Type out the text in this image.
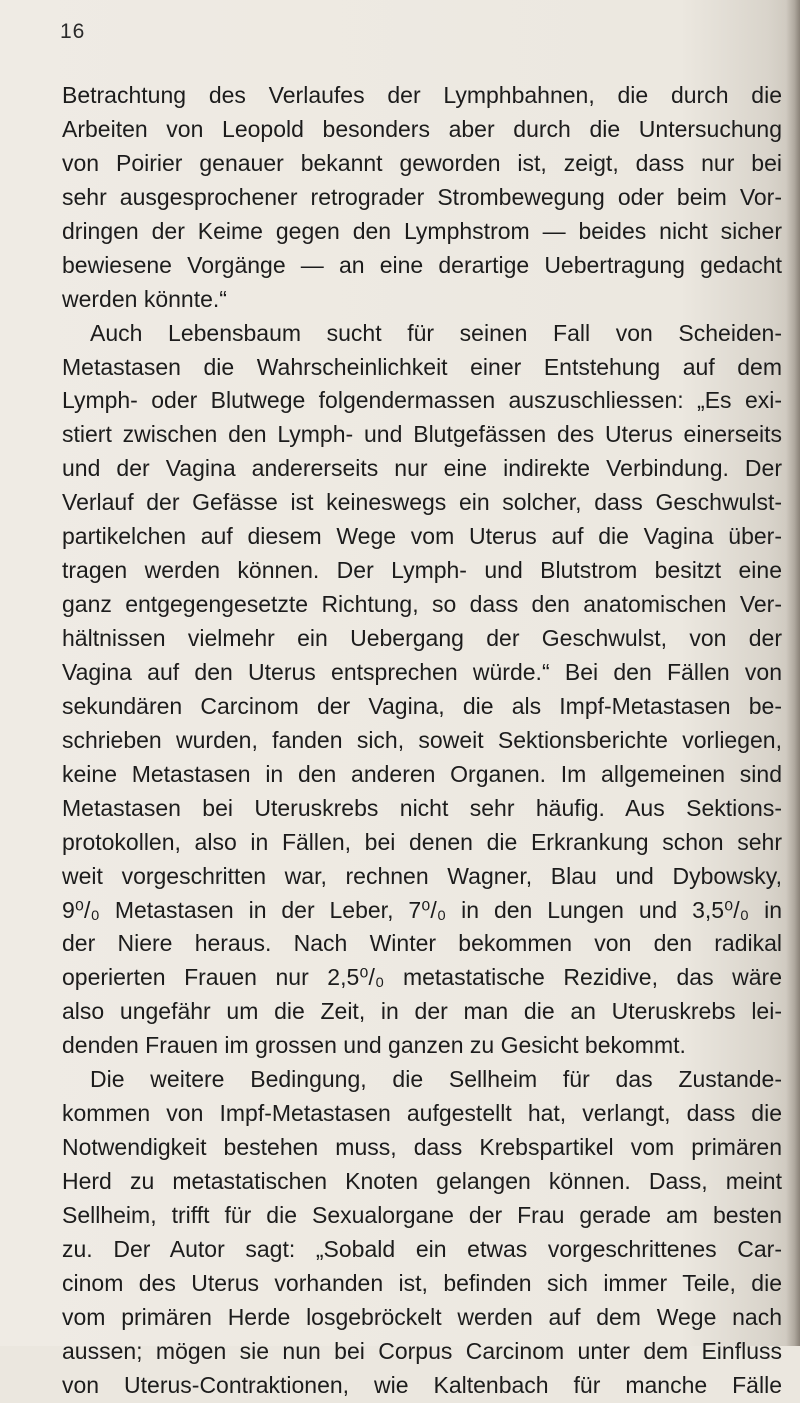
16
Betrachtung des Verlaufes der Lymphbahnen, die durch die
Arbeiten von Leopold besonders aber durch die Untersuchung
von Poirier genauer bekannt geworden ist, zeigt, dass nur bei
sehr ausgesprochener retrograder Strombewegung oder beim Vor-
dringen der Keime gegen den Lymphstrom — beides nicht sicher
bewiesene Vorgänge — an eine derartige Uebertragung gedacht
werden könnte.“
Auch Lebensbaum sucht für seinen Fall von Scheiden-
Metastasen die Wahrscheinlichkeit einer Entstehung auf dem
Lymph- oder Blutwege folgendermassen auszuschliessen: „Es exi-
stiert zwischen den Lymph- und Blutgefässen des Uterus einerseits
und der Vagina andererseits nur eine indirekte Verbindung. Der
Verlauf der Gefässe ist keineswegs ein solcher, dass Geschwulst-
partikelchen auf diesem Wege vom Uterus auf die Vagina über-
tragen werden können. Der Lymph- und Blutstrom besitzt eine
ganz entgegengesetzte Richtung, so dass den anatomischen Ver-
hältnissen vielmehr ein Uebergang der Geschwulst, von der
Vagina auf den Uterus entsprechen würde.“ Bei den Fällen von
sekundären Carcinom der Vagina, die als Impf-Metastasen be-
schrieben wurden, fanden sich, soweit Sektionsberichte vorliegen,
keine Metastasen in den anderen Organen. Im allgemeinen sind
Metastasen bei Uteruskrebs nicht sehr häufig. Aus Sektions-
protokollen, also in Fällen, bei denen die Erkrankung schon sehr
weit vorgeschritten war, rechnen Wagner, Blau und Dybowsky,
9⁰/₀ Metastasen in der Leber, 7⁰/₀ in den Lungen und 3,5⁰/₀ in
der Niere heraus. Nach Winter bekommen von den radikal
operierten Frauen nur 2,5⁰/₀ metastatische Rezidive, das wäre
also ungefähr um die Zeit, in der man die an Uteruskrebs lei-
denden Frauen im grossen und ganzen zu Gesicht bekommt.
Die weitere Bedingung, die Sellheim für das Zustande-
kommen von Impf-Metastasen aufgestellt hat, verlangt, dass die
Notwendigkeit bestehen muss, dass Krebspartikel vom primären
Herd zu metastatischen Knoten gelangen können. Dass, meint
Sellheim, trifft für die Sexualorgane der Frau gerade am besten
zu. Der Autor sagt: „Sobald ein etwas vorgeschrittenes Car-
cinom des Uterus vorhanden ist, befinden sich immer Teile, die
vom primären Herde losgebröckelt werden auf dem Wege nach
aussen; mögen sie nun bei Corpus Carcinom unter dem Einfluss
von Uterus-Contraktionen, wie Kaltenbach für manche Fälle
